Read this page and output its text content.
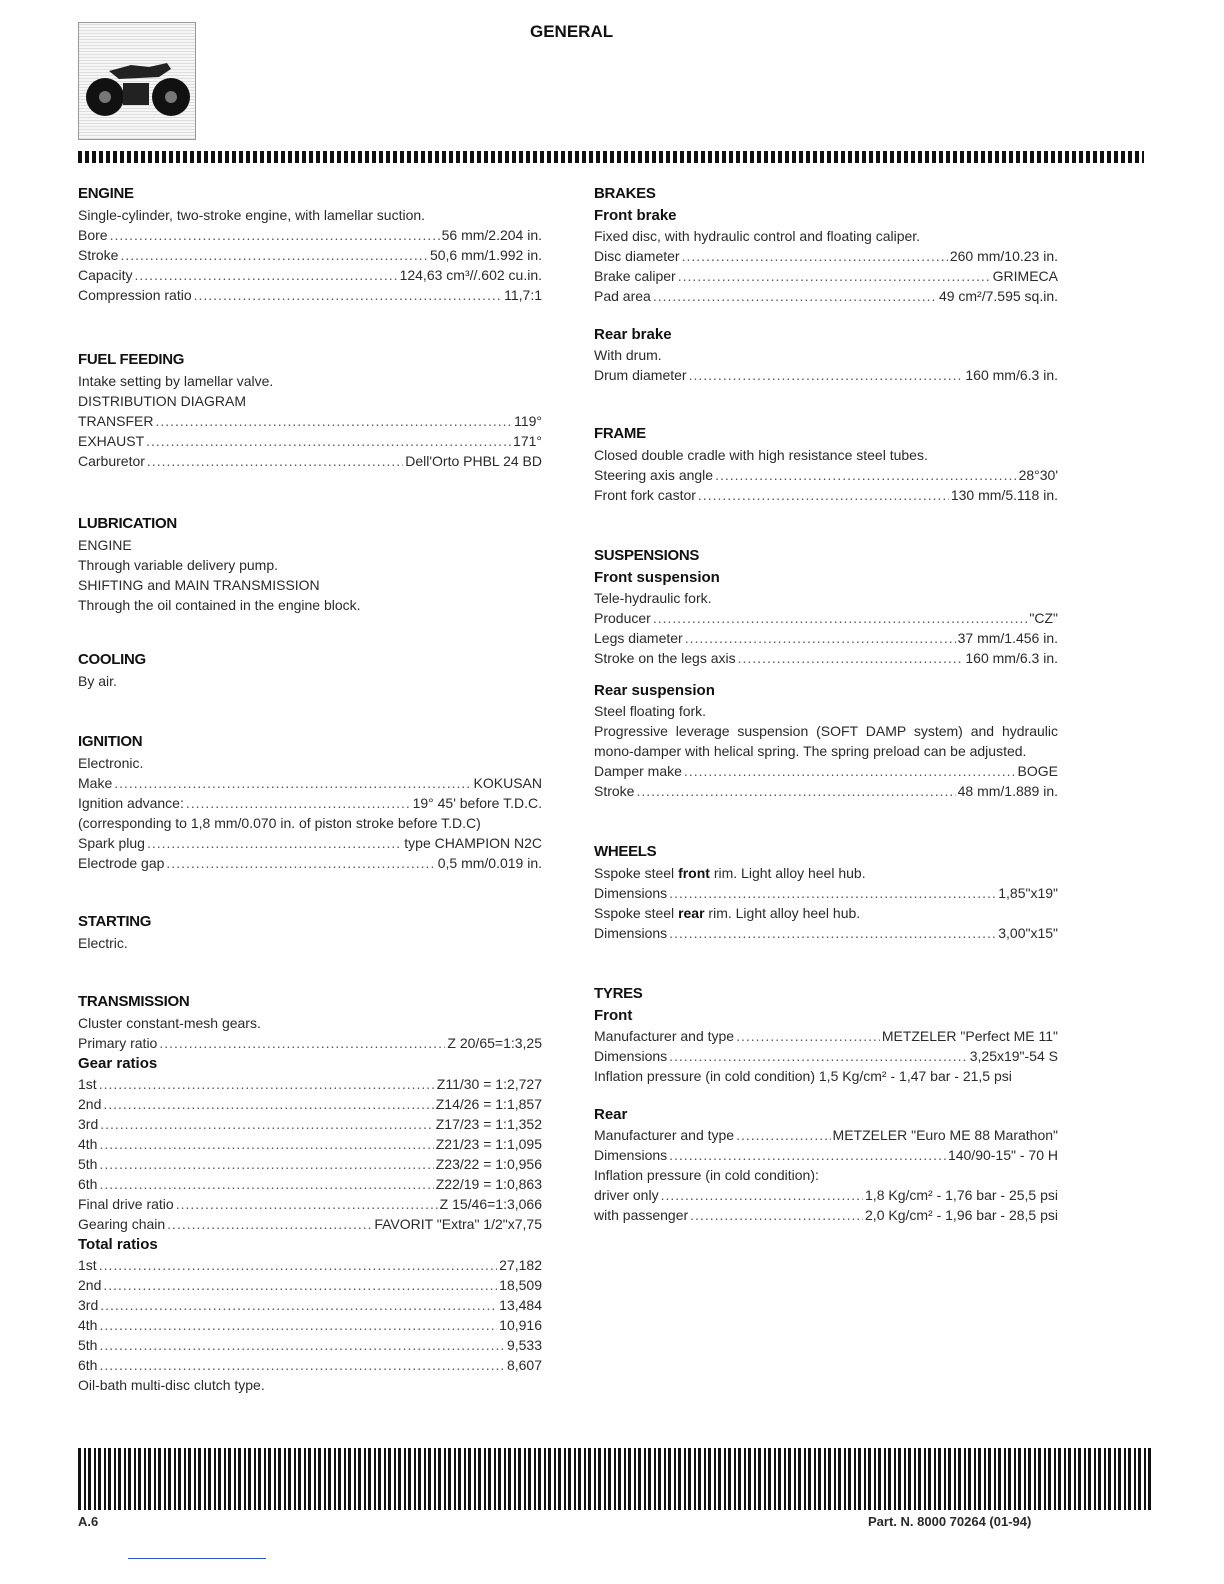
GENERAL
ENGINE

Single-cylinder, two-stroke engine, with lamellar suction.

Bore .....	56 mm/2.204 in.
Stroke .....	50,6 mm/1.992 in.
Capacity .....	124,63 cm³//.602 cu.in.
Compression ratio .....	11,7:1
FUEL FEEDING

Intake setting by lamellar valve.

DISTRIBUTION DIAGRAM

TRANSFER .....	119°
EXHAUST .....	171°
Carburetor .....	Dell'Orto PHBL 24 BD
LUBRICATION

ENGINE

Through variable delivery pump.

SHIFTING and MAIN TRANSMISSION

Through the oil contained in the engine block.

COOLING

By air.

IGNITION

Electronic.

Make .....	KOKUSAN
Ignition advance: .....	19° 45' before T.D.C.

(corresponding to 1,8 mm/0.070 in. of piston stroke before T.D.C)

Spark plug .....	type CHAMPION N2C
Electrode gap .....	0,5 mm/0.019 in.
STARTING

Electric.

TRANSMISSION

Cluster constant-mesh gears.

Primary ratio .....	Z 20/65=1:3,25
Gear ratios
1st .....	Z11/30 = 1:2,727
2nd .....	Z14/26 = 1:1,857
3rd .....	Z17/23 = 1:1,352
4th .....	Z21/23 = 1:1,095
5th .....	Z23/22 = 1:0,956
6th .....	Z22/19 = 1:0,863
Final drive ratio .....	Z 15/46=1:3,066
Gearing chain .....	FAVORIT "Extra" 1/2"x7,75
Total ratios
1st .....	27,182
2nd .....	18,509
3rd .....	13,484
4th .....	10,916
5th .....	9,533
6th .....	8,607

Oil-bath multi-disc clutch type.

BRAKES
Front brake

Fixed disc, with hydraulic control and floating caliper.

Disc diameter .....	260 mm/10.23 in.
Brake caliper .....	GRIMECA
Pad area .....	49 cm²/7.595 sq.in.
Rear brake

With drum.

Drum diameter .....	160 mm/6.3 in.
FRAME

Closed double cradle with high resistance steel tubes.

Steering axis angle .....	28°30'
Front fork castor .....	130 mm/5.118 in.
SUSPENSIONS
Front suspension

Tele-hydraulic fork.

Producer .....	"CZ"
Legs diameter .....	37 mm/1.456 in.
Stroke on the legs axis .....	160 mm/6.3 in.
Rear suspension

Steel floating fork.

Progressive leverage suspension (SOFT DAMP system) and hydraulic mono-damper with helical spring. The spring preload can be adjusted.

Damper make .....	BOGE
Stroke .....	48 mm/1.889 in.
WHEELS

Sspoke steel front rim. Light alloy heel hub.

Dimensions .....	1,85"x19"

Sspoke steel rear rim. Light alloy heel hub.

Dimensions .....	3,00"x15"
TYRES
Front
Manufacturer and type .....	METZELER "Perfect ME 11"
Dimensions .....	3,25x19"-54 S

Inflation pressure (in cold condition) 1,5 Kg/cm² - 1,47 bar - 21,5 psi

Rear
Manufacturer and type .....	METZELER "Euro ME 88 Marathon"
Dimensions .....	140/90-15" - 70 H

Inflation pressure (in cold condition):

driver only .....	1,8 Kg/cm² - 1,76 bar - 25,5 psi
with passenger .....	2,0 Kg/cm² - 1,96 bar - 28,5 psi
A.6	Part. N. 8000 70264 (01-94)
